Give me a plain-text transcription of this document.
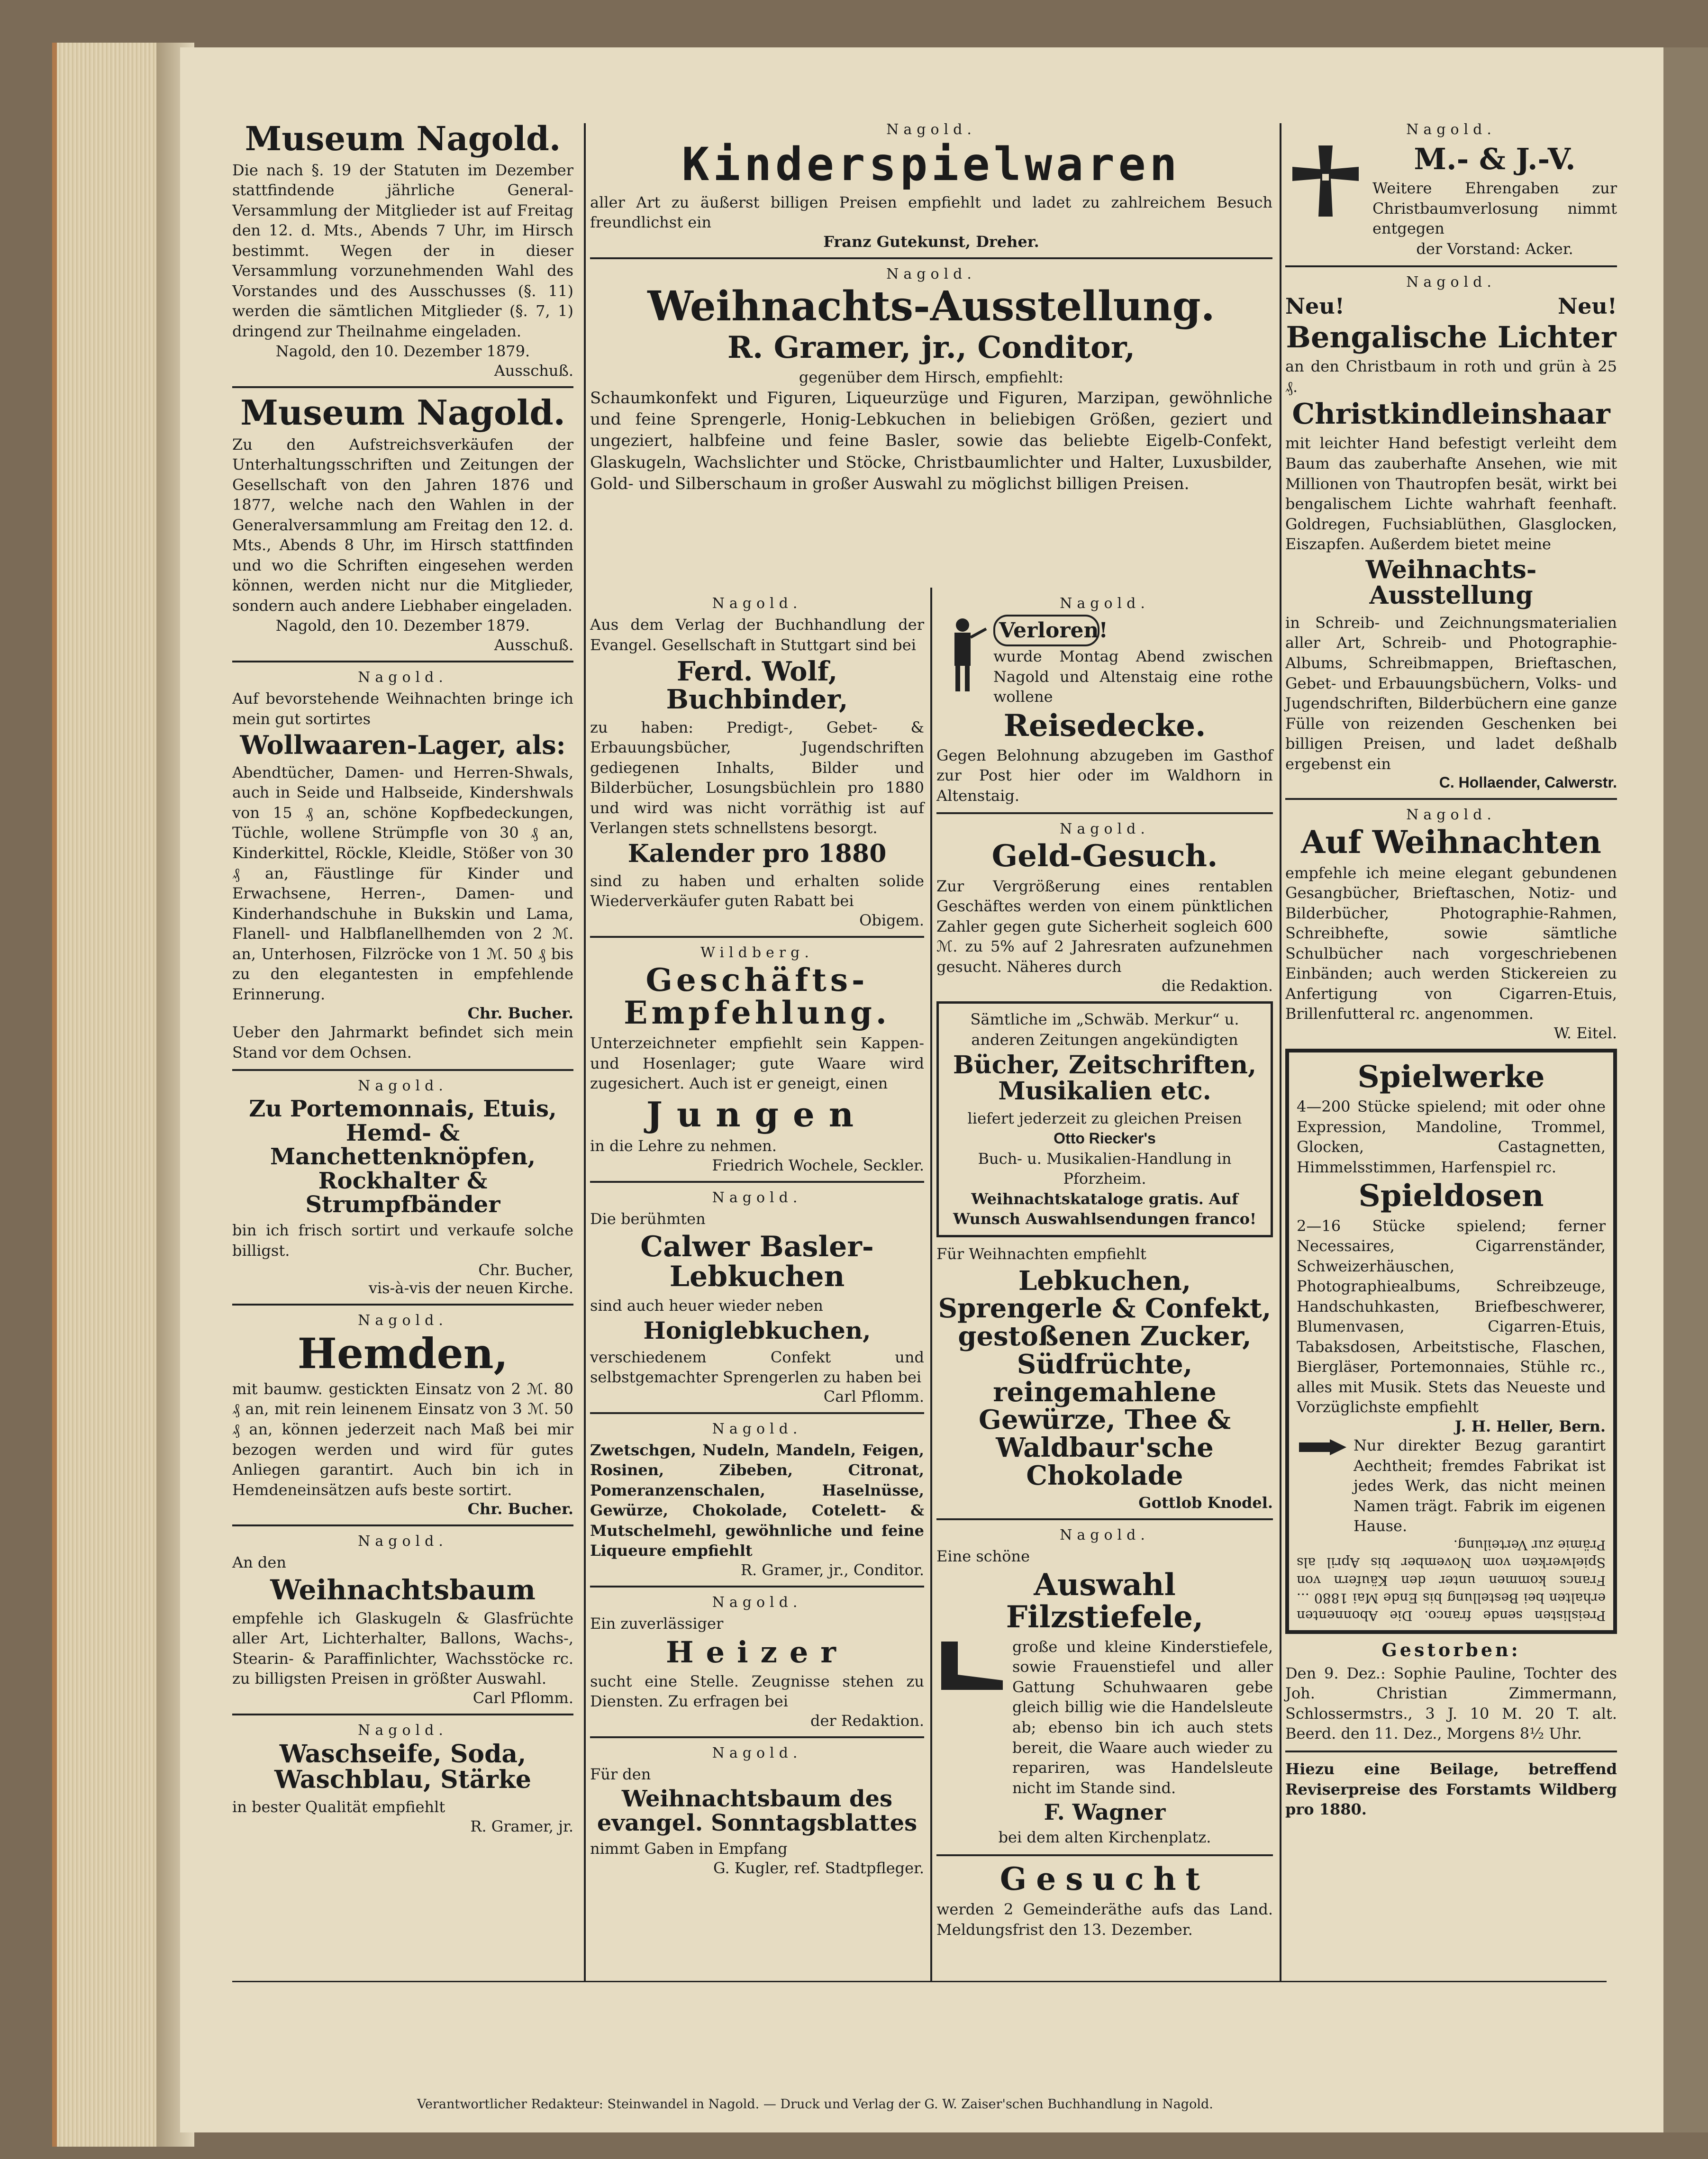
Museum Nagold.
Die nach §. 19 der Statuten im Dezember stattfindende jährliche General-Versammlung der Mitglieder ist auf Freitag den 12. d. Mts., Abends 7 Uhr, im Hirsch bestimmt. Wegen der in dieser Versammlung vorzunehmenden Wahl des Vorstandes und des Ausschusses (§. 11) werden die sämtlichen Mitglieder (§. 7, 1) dringend zur Theilnahme eingeladen.
Nagold, den 10. Dezember 1879.
Ausschuß.
Museum Nagold.
Zu den Aufstreichsverkäufen der Unterhaltungsschriften und Zeitungen der Gesellschaft von den Jahren 1876 und 1877, welche nach den Wahlen in der Generalversammlung am Freitag den 12. d. Mts., Abends 8 Uhr, im Hirsch stattfinden und wo die Schriften eingesehen werden können, werden nicht nur die Mitglieder, sondern auch andere Liebhaber eingeladen.
Nagold, den 10. Dezember 1879.
Ausschuß.
Nagold.
Auf bevorstehende Weihnachten bringe ich mein gut sortirtes
Wollwaaren-Lager, als:
Abendtücher, Damen- und Herren-Shwals, auch in Seide und Halbseide, Kindershwals von 15 ₰ an, schöne Kopfbedeckungen, Tüchle, wollene Strümpfle von 30 ₰ an, Kinderkittel, Röckle, Kleidle, Stößer von 30 ₰ an, Fäustlinge für Kinder und Erwachsene, Herren-, Damen- und Kinderhandschuhe in Bukskin und Lama, Flanell- und Halbflanellhemden von 2 ℳ. an, Unterhosen, Filzröcke von 1 ℳ. 50 ₰ bis zu den elegantesten in empfehlende Erinnerung.
Chr. Bucher.
Ueber den Jahrmarkt befindet sich mein Stand vor dem Ochsen.
Nagold.
Zu Portemonnais, Etuis, Hemd- & Manchettenknöpfen, Rockhalter & Strumpfbänder
bin ich frisch sortirt und verkaufe solche billigst.
Chr. Bucher,
vis-à-vis der neuen Kirche.
Nagold.
Hemden,
mit baumw. gestickten Einsatz von 2 ℳ. 80 ₰ an, mit rein leinenem Einsatz von 3 ℳ. 50 ₰ an, können jederzeit nach Maß bei mir bezogen werden und wird für gutes Anliegen garantirt. Auch bin ich in Hemdeneinsätzen aufs beste sortirt.
Chr. Bucher.
Nagold.
An den
Weihnachtsbaum
empfehle ich Glaskugeln & Glasfrüchte aller Art, Lichterhalter, Ballons, Wachs-, Stearin- & Paraffinlichter, Wachsstöcke rc. zu billigsten Preisen in größter Auswahl.
Carl Pflomm.
Nagold.
Waschseife, Soda, Waschblau, Stärke
in bester Qualität empfiehlt
R. Gramer, jr.
Nagold.
Kinderspielwaren
aller Art zu äußerst billigen Preisen empfiehlt und ladet zu zahlreichem Besuch freundlichst ein
Franz Gutekunst, Dreher.
Nagold.
Weihnachts-Ausstellung.
R. Gramer, jr., Conditor,
gegenüber dem Hirsch, empfiehlt:
Schaumkonfekt und Figuren, Liqueurzüge und Figuren, Marzipan, gewöhnliche und feine Sprengerle, Honig-Lebkuchen in beliebigen Größen, geziert und ungeziert, halbfeine und feine Basler, sowie das beliebte Eigelb-Confekt, Glaskugeln, Wachslichter und Stöcke, Christbaumlichter und Halter, Luxusbilder, Gold- und Silberschaum in großer Auswahl zu möglichst billigen Preisen.
Nagold.
Aus dem Verlag der Buchhandlung der Evangel. Gesellschaft in Stuttgart sind bei
Ferd. Wolf, Buchbinder,
zu haben: Predigt-, Gebet- & Erbauungsbücher, Jugendschriften gediegenen Inhalts, Bilder und Bilderbücher, Losungsbüchlein pro 1880 und wird was nicht vorräthig ist auf Verlangen stets schnellstens besorgt.
Kalender pro 1880
sind zu haben und erhalten solide Wiederverkäufer guten Rabatt bei
Obigem.
Wildberg.
Geschäfts-Empfehlung.
Unterzeichneter empfiehlt sein Kappen- und Hosenlager; gute Waare wird zugesichert. Auch ist er geneigt, einen
Jungen
in die Lehre zu nehmen.
Friedrich Wochele, Seckler.
Nagold.
Die berühmten
Calwer Basler-Lebkuchen
sind auch heuer wieder neben
Honiglebkuchen,
verschiedenem Confekt und selbstgemachter Sprengerlen zu haben bei
Carl Pflomm.
Nagold.
Zwetschgen, Nudeln, Mandeln, Feigen, Rosinen, Zibeben, Citronat, Pomeranzenschalen, Haselnüsse, Gewürze, Chokolade, Cotelett- & Mutschelmehl, gewöhnliche und feine Liqueure empfiehlt
R. Gramer, jr., Conditor.
Nagold.
Ein zuverlässiger
Heizer
sucht eine Stelle. Zeugnisse stehen zu Diensten. Zu erfragen bei
der Redaktion.
Nagold.
Für den
Weihnachtsbaum des evangel. Sonntagsblattes
nimmt Gaben in Empfang
G. Kugler, ref. Stadtpfleger.
Nagold.
Verloren!
wurde Montag Abend zwischen Nagold und Altenstaig eine rothe wollene
Reisedecke.
Gegen Belohnung abzugeben im Gasthof zur Post hier oder im Waldhorn in Altenstaig.
Nagold.
Geld-Gesuch.
Zur Vergrößerung eines rentablen Geschäftes werden von einem pünktlichen Zahler gegen gute Sicherheit sogleich 600 ℳ. zu 5% auf 2 Jahresraten aufzunehmen gesucht. Näheres durch
die Redaktion.
Sämtliche im „Schwäb. Merkur“ u. anderen Zeitungen angekündigten
Bücher, Zeitschriften, Musikalien etc.
liefert jederzeit zu gleichen Preisen
Otto Riecker's
Buch- u. Musikalien-Handlung in Pforzheim.
Weihnachtskataloge gratis. Auf Wunsch Auswahlsendungen franco!
Für Weihnachten empfiehlt
Lebkuchen, Sprengerle & Confekt, gestoßenen Zucker, Südfrüchte, reingemahlene Gewürze, Thee & Waldbaur'sche Chokolade
Gottlob Knodel.
Nagold.
Eine schöne
Auswahl Filzstiefele,
große und kleine Kinderstiefele, sowie Frauenstiefel und aller Gattung Schuhwaaren gebe gleich billig wie die Handelsleute ab; ebenso bin ich auch stets bereit, die Waare auch wieder zu repariren, was Handelsleute nicht im Stande sind.
F. Wagner
bei dem alten Kirchenplatz.
Gesucht
werden 2 Gemeinderäthe aufs das Land. Meldungsfrist den 13. Dezember.
Nagold.
M.- & J.-V.
Weitere Ehrengaben zur Christbaumverlosung nimmt entgegen
der Vorstand: Acker.
Nagold.
Neu!	Neu!
Bengalische Lichter
an den Christbaum in roth und grün à 25 ₰.
Christkindleinshaar
mit leichter Hand befestigt verleiht dem Baum das zauberhafte Ansehen, wie mit Millionen von Thautropfen besät, wirkt bei bengalischem Lichte wahrhaft feenhaft. Goldregen, Fuchsiablüthen, Glasglocken, Eiszapfen. Außerdem bietet meine
Weihnachts-Ausstellung
in Schreib- und Zeichnungsmaterialien aller Art, Schreib- und Photographie-Albums, Schreibmappen, Brieftaschen, Gebet- und Erbauungsbüchern, Volks- und Jugendschriften, Bilderbüchern eine ganze Fülle von reizenden Geschenken bei billigen Preisen, und ladet deßhalb ergebenst ein
C. Hollaender, Calwerstr.
Nagold.
Auf Weihnachten
empfehle ich meine elegant gebundenen Gesangbücher, Brieftaschen, Notiz- und Bilderbücher, Photographie-Rahmen, Schreibhefte, sowie sämtliche Schulbücher nach vorgeschriebenen Einbänden; auch werden Stickereien zu Anfertigung von Cigarren-Etuis, Brillenfutteral rc. angenommen.
W. Eitel.
Spielwerke
4—200 Stücke spielend; mit oder ohne Expression, Mandoline, Trommel, Glocken, Castagnetten, Himmelsstimmen, Harfenspiel rc.
Spieldosen
2—16 Stücke spielend; ferner Necessaires, Cigarrenständer, Schweizerhäuschen, Photographiealbums, Schreibzeuge, Handschuhkasten, Briefbeschwerer, Blumenvasen, Cigarren-Etuis, Tabaksdosen, Arbeitstische, Flaschen, Biergläser, Portemonnaies, Stühle rc., alles mit Musik. Stets das Neueste und Vorzüglichste empfiehlt
J. H. Heller, Bern.
Nur direkter Bezug garantirt Aechtheit; fremdes Fabrikat ist jedes Werk, das nicht meinen Namen trägt. Fabrik im eigenen Hause.
Preislisten sende franco. Die Abonnenten erhalten bei Bestellung bis Ende Mai 1880 ... Francs kommen unter den Käufern von Spielwerken vom November bis April als Prämie zur Verteilung.
Gestorben:
Den 9. Dez.: Sophie Pauline, Tochter des Joh. Christian Zimmermann, Schlossermstrs., 3 J. 10 M. 20 T. alt. Beerd. den 11. Dez., Morgens 8½ Uhr.
Hiezu eine Beilage, betreffend Reviserpreise des Forstamts Wildberg pro 1880.
Verantwortlicher Redakteur: Steinwandel in Nagold. — Druck und Verlag der G. W. Zaiser'schen Buchhandlung in Nagold.
